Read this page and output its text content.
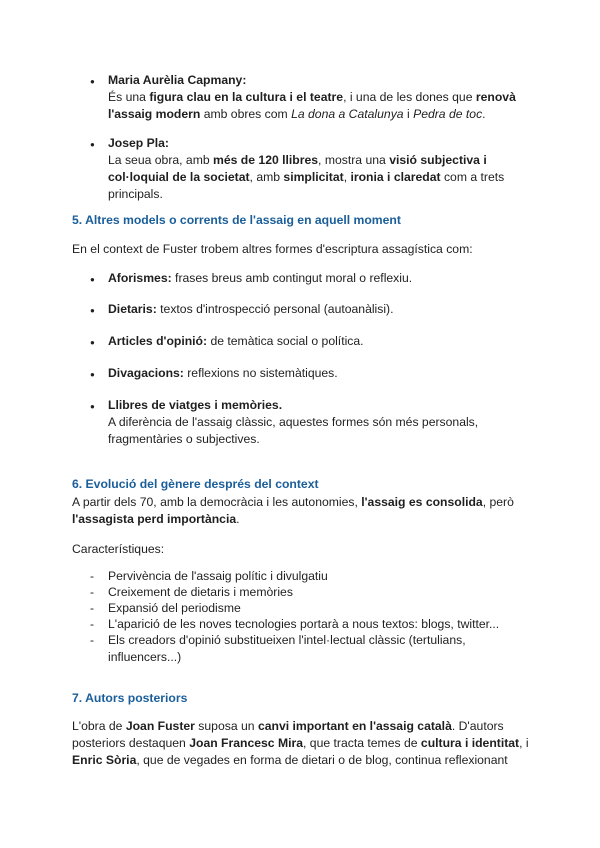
●
Maria Aurèlia Capmany:
És una figura clau en la cultura i el teatre, i una de les dones que renovà
l'assaig modern amb obres com La dona a Catalunya i Pedra de toc.
●
Josep Pla:
La seua obra, amb més de 120 llibres, mostra una visió subjectiva i
col·loquial de la societat, amb simplicitat, ironia i claredat com a trets
principals.
5. Altres models o corrents de l'assaig en aquell moment
En el context de Fuster trobem altres formes d'escriptura assagística com:
●
Aforismes: frases breus amb contingut moral o reflexiu.
●
Dietaris: textos d'introspecció personal (autoanàlisi).
●
Articles d'opinió: de temàtica social o política.
●
Divagacions: reflexions no sistemàtiques.
●
Llibres de viatges i memòries.
A diferència de l'assaig clàssic, aquestes formes són més personals,
fragmentàries o subjectives.
6. Evolució del gènere després del context
A partir dels 70, amb la democràcia i les autonomies, l'assaig es consolida, però
l'assagista perd importància.
Característiques:
- Pervivència de l'assaig polític i divulgatiu
- Creixement de dietaris i memòries
- Expansió del periodisme
- L'aparició de les noves tecnologies portarà a nous textos: blogs, twitter...
- Els creadors d'opinió substitueixen l'intel·lectual clàssic (tertulians,
influencers...)
7. Autors posteriors
L'obra de Joan Fuster suposa un canvi important en l'assaig català. D'autors
posteriors destaquen Joan Francesc Mira, que tracta temes de cultura i identitat, i
Enric Sòria, que de vegades en forma de dietari o de blog, continua reflexionant
